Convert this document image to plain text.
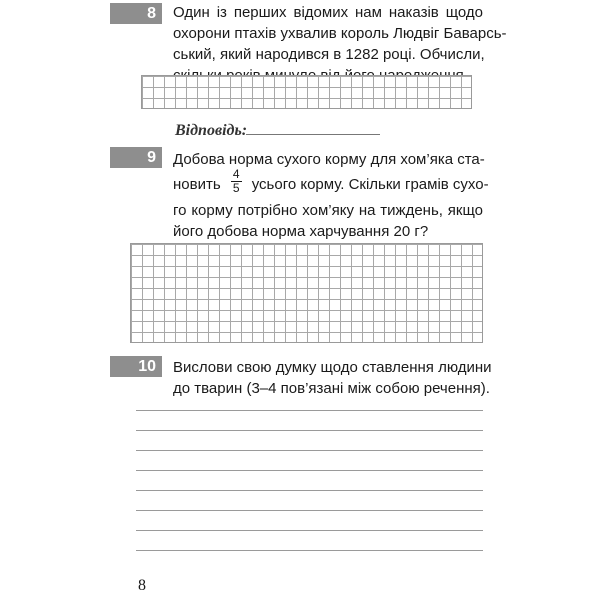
8	Один із перших відомих нам наказів щодо
охорони птахів ухвалив король Людвіг Баварсь-
ський, який народився в 1282 році. Обчисли,
Відповідь:
9	Добова норма сухого корму для хом’яка ста-
новить $\frac{4}{5}$ усього корму. Скільки грамів сухо-
го корму потрібно хом’яку на тиждень, якщо
його добова норма харчування 20 г?
10	Вислови свою думку щодо ставлення людини
до тварин (3–4 пов’язані між собою речення).
8
